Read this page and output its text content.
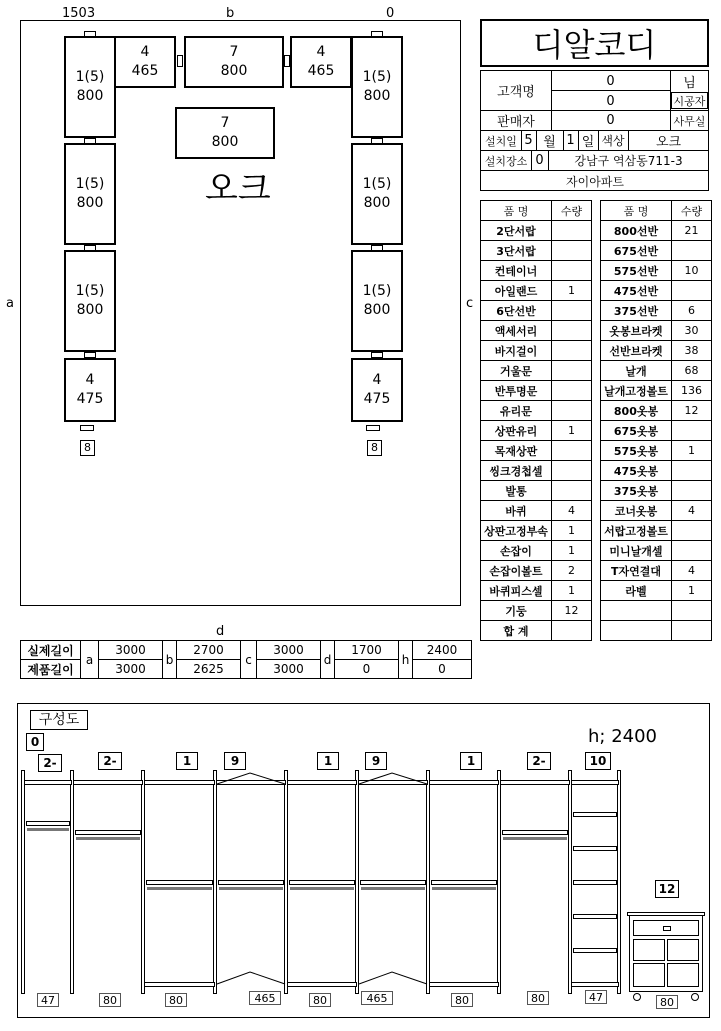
1503	b	0
a	c
d
1(5)
800
4
465
7
800
4
465 1(5)
800
7
800
오크
1(5)
800
1(5)
800
1(5)
800
1(5)
800
4
475
4
475
8	8
디알코디
고객명
0
0
님
시공자
판매자	0	사무실
설치일 5 월 1 일 색상	오크
설치장소 0	강남구 역삼동711-3
자이아파트
품 명	수량
2단서랍	
3단서랍	
컨테이너	
아일랜드	1
6단선반	
액세서리	
바지걸이	
거울문	
반투명문	
유리문	
상판유리	1
목재상판	
씽크경첩셀	
발통	
바퀴	4
상판고정부속	1
손잡이	1
손잡이볼트	2
바퀴피스셀	1
기둥	12
합 계	
품 명	수량
800선반	21
675선반	
575선반	10
475선반	
375선반	6
옷봉브라켓	30
선반브라켓	38
날개	68
날개고정볼트	136
800옷봉	12
675옷봉	
575옷봉	1
475옷봉	
375옷봉	
코너옷봉	4
서랍고정볼트	
미니날개셀	
T자연결대	4
라벨	1

실제길이	a	3000	b	2700	c	3000	d	1700	h	2400
제품길이		3000		2625		3000		0		0
구성도
h; 2400
0
2-	2-	1	9	1	9	1	2-	10
12
47	80	80	465	80	465	80	80	47	80
